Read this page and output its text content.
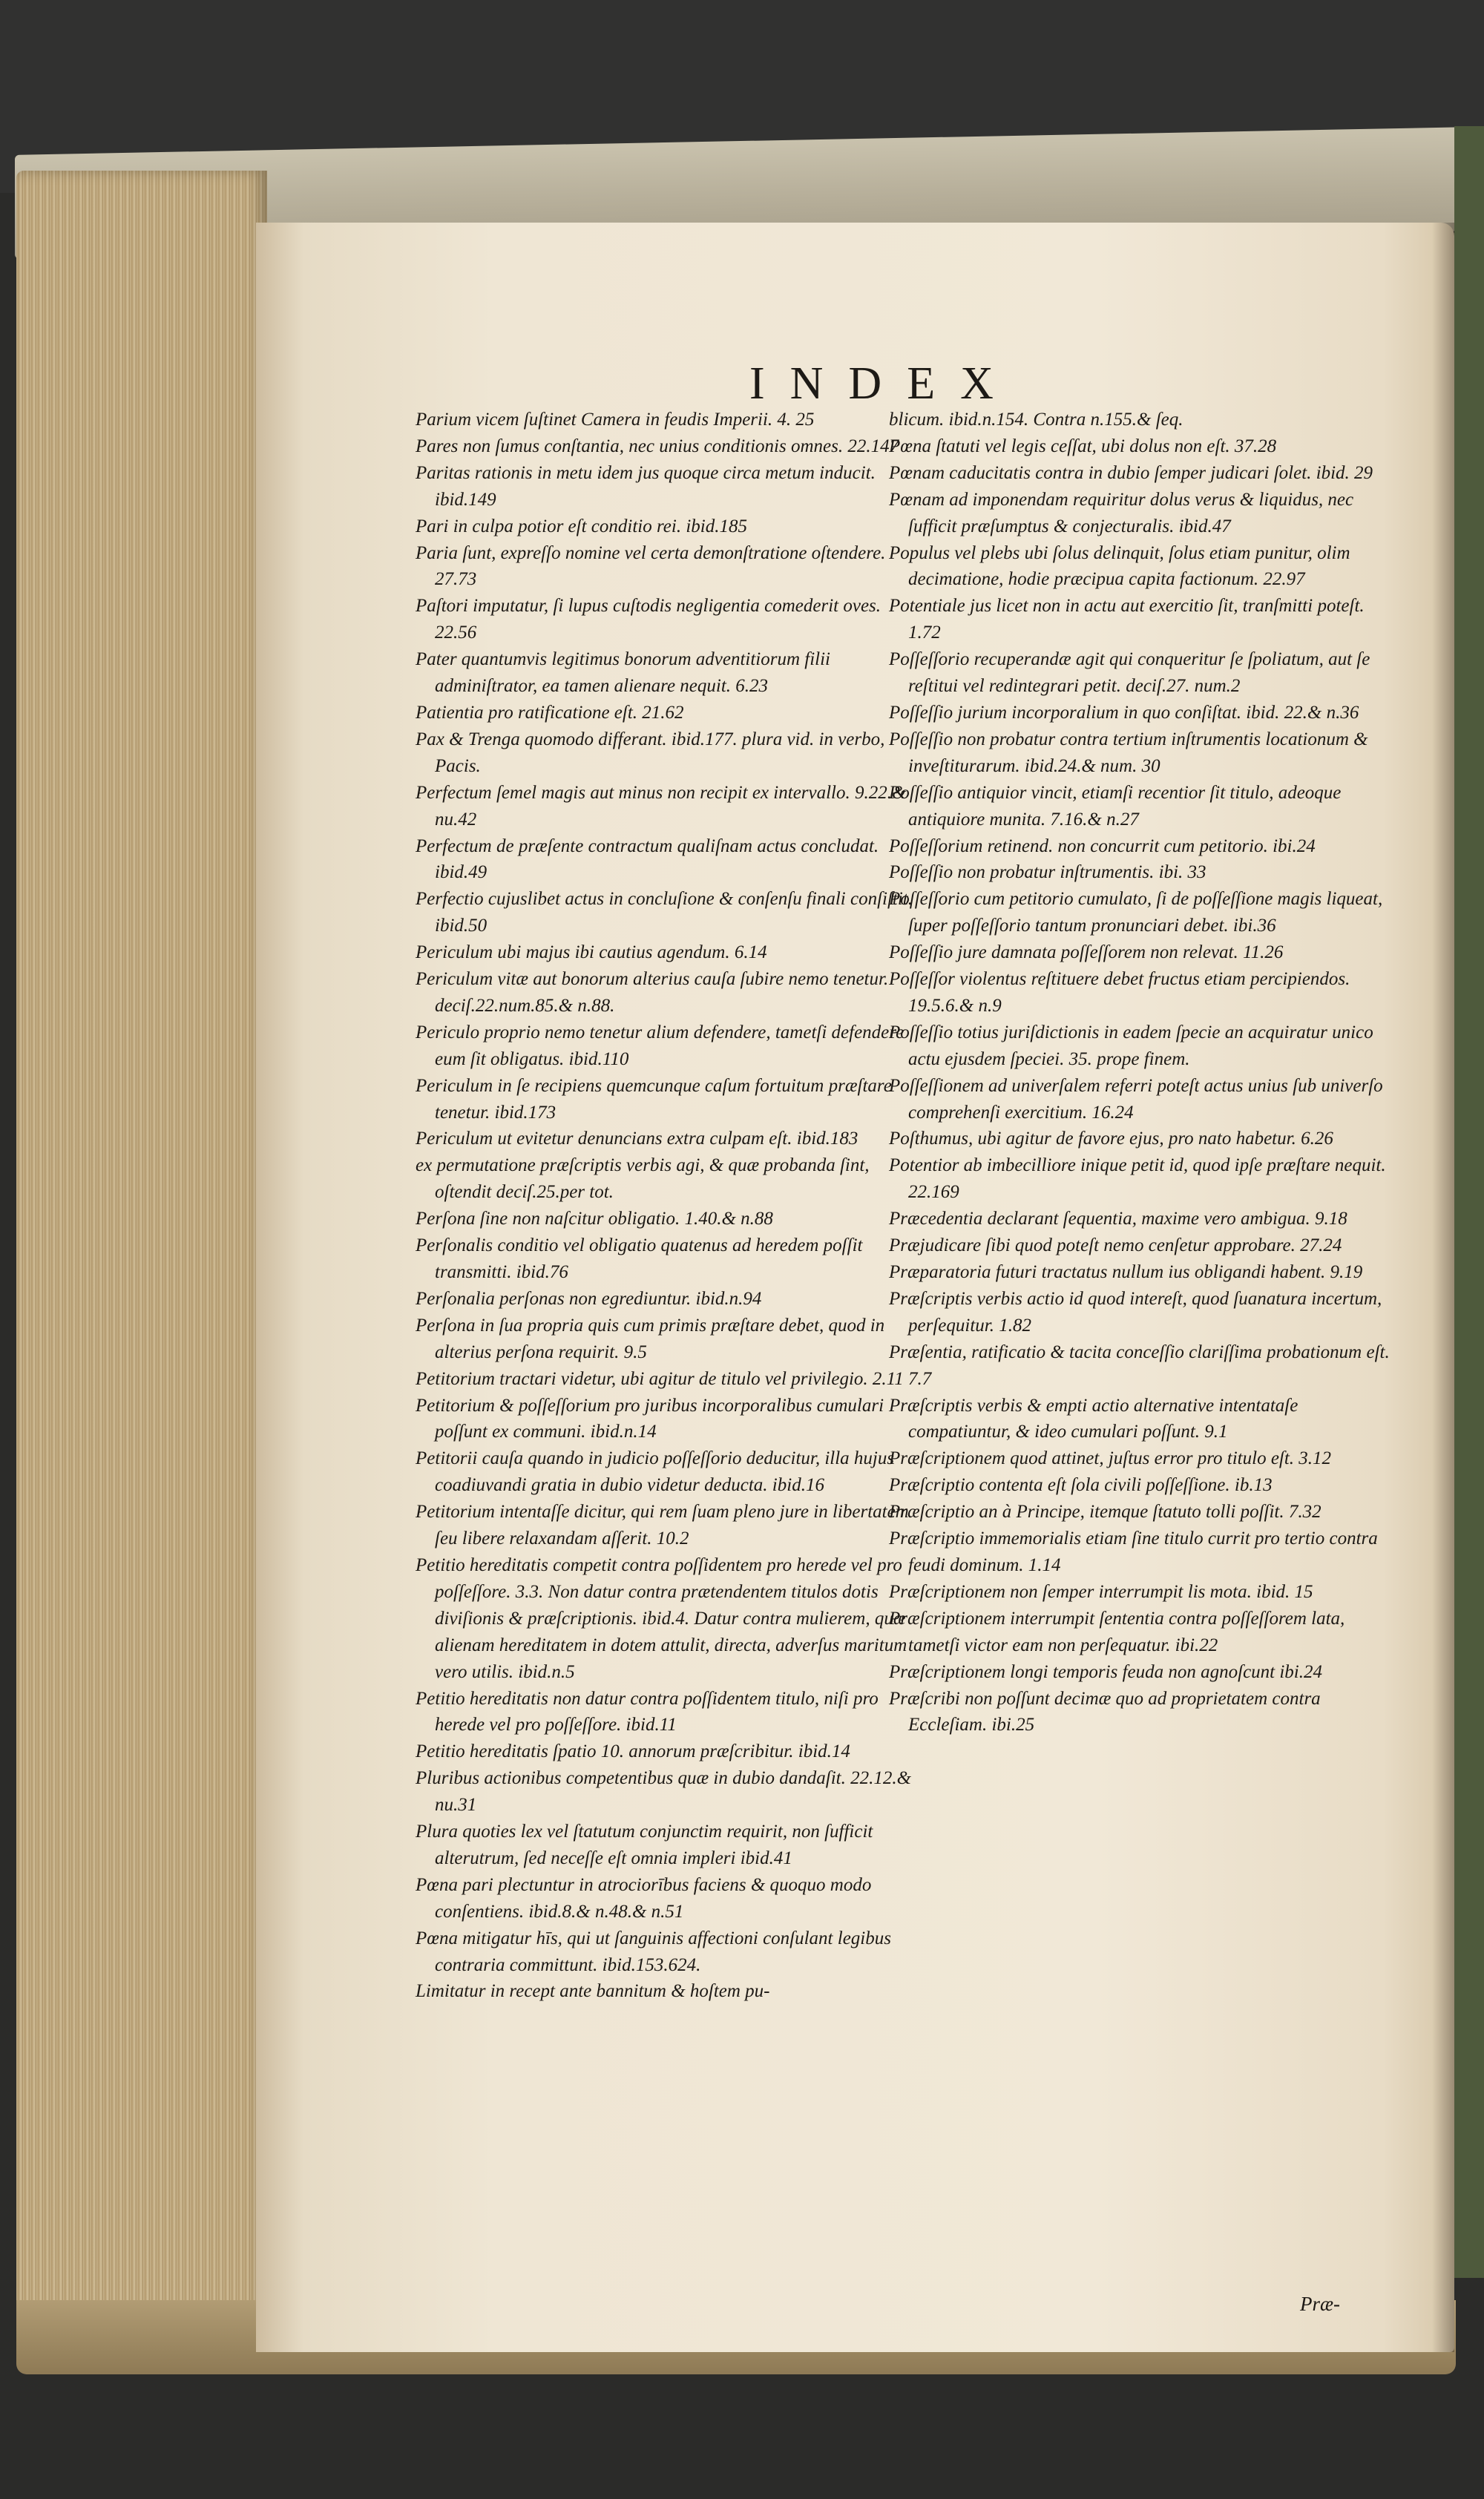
INDEX

Parium vicem ſuſtinet Camera in feudis Imperii. 4. 25

Pares non ſumus conſtantia, nec unius conditionis omnes. 22.147

Paritas rationis in metu idem jus quoque circa metum inducit. ibid.149

Pari in culpa potior eſt conditio rei. ibid.185

Paria ſunt, expreſſo nomine vel certa demonſtratione oſtendere. 27.73

Paſtori imputatur, ſi lupus cuſtodis negligentia comederit oves. 22.56

Pater quantumvis legitimus bonorum adventitiorum filii adminiſtrator, ea tamen alienare nequit. 6.23

Patientia pro ratificatione eſt. 21.62

Pax & Trenga quomodo differant. ibid.177. plura vid. in verbo, Pacis.

Perfectum ſemel magis aut minus non recipit ex intervallo. 9.22.& nu.42

Perfectum de præſente contractum qualiſnam actus concludat. ibid.49

Perfectio cujuslibet actus in concluſione & conſenſu finali conſiſtit. ibid.50

Periculum ubi majus ibi cautius agendum. 6.14

Periculum vitæ aut bonorum alterius cauſa ſubire nemo tenetur. deciſ.22.num.85.& n.88.

Periculo proprio nemo tenetur alium defendere, tametſi defendere eum ſit obligatus. ibid.110

Periculum in ſe recipiens quemcunque caſum fortuitum præſtare tenetur. ibid.173

Periculum ut evitetur denuncians extra culpam eſt. ibid.183

ex permutatione præſcriptis verbis agi, & quæ probanda ſint, oſtendit deciſ.25.per tot.

Perſona ſine non naſcitur obligatio. 1.40.& n.88

Perſonalis conditio vel obligatio quatenus ad heredem poſſit transmitti. ibid.76

Perſonalia perſonas non egrediuntur. ibid.n.94

Perſona in ſua propria quis cum primis præſtare debet, quod in alterius perſona requirit. 9.5

Petitorium tractari videtur, ubi agitur de titulo vel privilegio. 2.11

Petitorium & poſſeſſorium pro juribus incorporalibus cumulari poſſunt ex communi. ibid.n.14

Petitorii cauſa quando in judicio poſſeſſorio deducitur, illa hujus coadiuvandi gratia in dubio videtur deducta. ibid.16

Petitorium intentaſſe dicitur, qui rem ſuam pleno jure in libertatem ſeu libere relaxandam aſſerit. 10.2

Petitio hereditatis competit contra poſſidentem pro herede vel pro poſſeſſore. 3.3. Non datur contra prætendentem titulos dotis diviſionis & præſcriptionis. ibid.4. Datur contra mulierem, quæ alienam hereditatem in dotem attulit, directa, adverſus maritum vero utilis. ibid.n.5

Petitio hereditatis non datur contra poſſidentem titulo, niſi pro herede vel pro poſſeſſore. ibid.11

Petitio hereditatis ſpatio 10. annorum præſcribitur. ibid.14

Pluribus actionibus competentibus quæ in dubio dandaſit. 22.12.& nu.31

Plura quoties lex vel ſtatutum conjunctim requirit, non ſufficit alterutrum, ſed neceſſe eſt omnia impleri ibid.41

Pœna pari plectuntur in atrociorībus faciens & quoquo modo conſentiens. ibid.8.& n.48.& n.51

Pœna mitigatur hīs, qui ut ſanguinis affectioni conſulant legibus contraria committunt. ibid.153.624.

Limitatur in recept ante bannitum & hoſtem pu-

blicum. ibid.n.154. Contra n.155.& ſeq.

Pœna ſtatuti vel legis ceſſat, ubi dolus non eſt. 37.28

Pœnam caducitatis contra in dubio ſemper judicari ſolet. ibid. 29

Pœnam ad imponendam requiritur dolus verus & liquidus, nec ſufficit præſumptus & conjecturalis. ibid.47

Populus vel plebs ubi ſolus delinquit, ſolus etiam punitur, olim decimatione, hodie præcipua capita factionum. 22.97

Potentiale jus licet non in actu aut exercitio ſit, tranſmitti poteſt. 1.72

Poſſeſſorio recuperandæ agit qui conqueritur ſe ſpoliatum, aut ſe reſtitui vel redintegrari petit. deciſ.27. num.2

Poſſeſſio jurium incorporalium in quo conſiſtat. ibid. 22.& n.36

Poſſeſſio non probatur contra tertium inſtrumentis locationum & inveſtiturarum. ibid.24.& num. 30

Poſſeſſio antiquior vincit, etiamſi recentior ſit titulo, adeoque antiquiore munita. 7.16.& n.27

Poſſeſſorium retinend. non concurrit cum petitorio. ibi.24

Poſſeſſio non probatur inſtrumentis. ibi. 33

Poſſeſſorio cum petitorio cumulato, ſi de poſſeſſione magis liqueat, ſuper poſſeſſorio tantum pronunciari debet. ibi.36

Poſſeſſio jure damnata poſſeſſorem non relevat. 11.26

Poſſeſſor violentus reſtituere debet fructus etiam percipiendos. 19.5.6.& n.9

Poſſeſſio totius juriſdictionis in eadem ſpecie an acquiratur unico actu ejusdem ſpeciei. 35. prope finem.

Poſſeſſionem ad univerſalem referri poteſt actus unius ſub univerſo comprehenſi exercitium. 16.24

Poſthumus, ubi agitur de favore ejus, pro nato habetur. 6.26

Potentior ab imbecilliore inique petit id, quod ipſe præſtare nequit. 22.169

Præcedentia declarant ſequentia, maxime vero ambigua. 9.18

Præjudicare ſibi quod poteſt nemo cenſetur approbare. 27.24

Præparatoria futuri tractatus nullum ius obligandi habent. 9.19

Præſcriptis verbis actio id quod intereſt, quod ſuanatura incertum, perſequitur. 1.82

Præſentia, ratificatio & tacita conceſſio clariſſima probationum eſt. 7.7

Præſcriptis verbis & empti actio alternative intentataſe compatiuntur, & ideo cumulari poſſunt. 9.1

Præſcriptionem quod attinet, juſtus error pro titulo eſt. 3.12

Præſcriptio contenta eſt ſola civili poſſeſſione. ib.13

Præſcriptio an à Principe, itemque ſtatuto tolli poſſit. 7.32

Præſcriptio immemorialis etiam ſine titulo currit pro tertio contra feudi dominum. 1.14

Præſcriptionem non ſemper interrumpit lis mota. ibid. 15

Præſcriptionem interrumpit ſententia contra poſſeſſorem lata, tametſi victor eam non perſequatur. ibi.22

Præſcriptionem longi temporis feuda non agnoſcunt ibi.24

Præſcribi non poſſunt decimæ quo ad proprietatem contra Eccleſiam. ibi.25

Præ-
